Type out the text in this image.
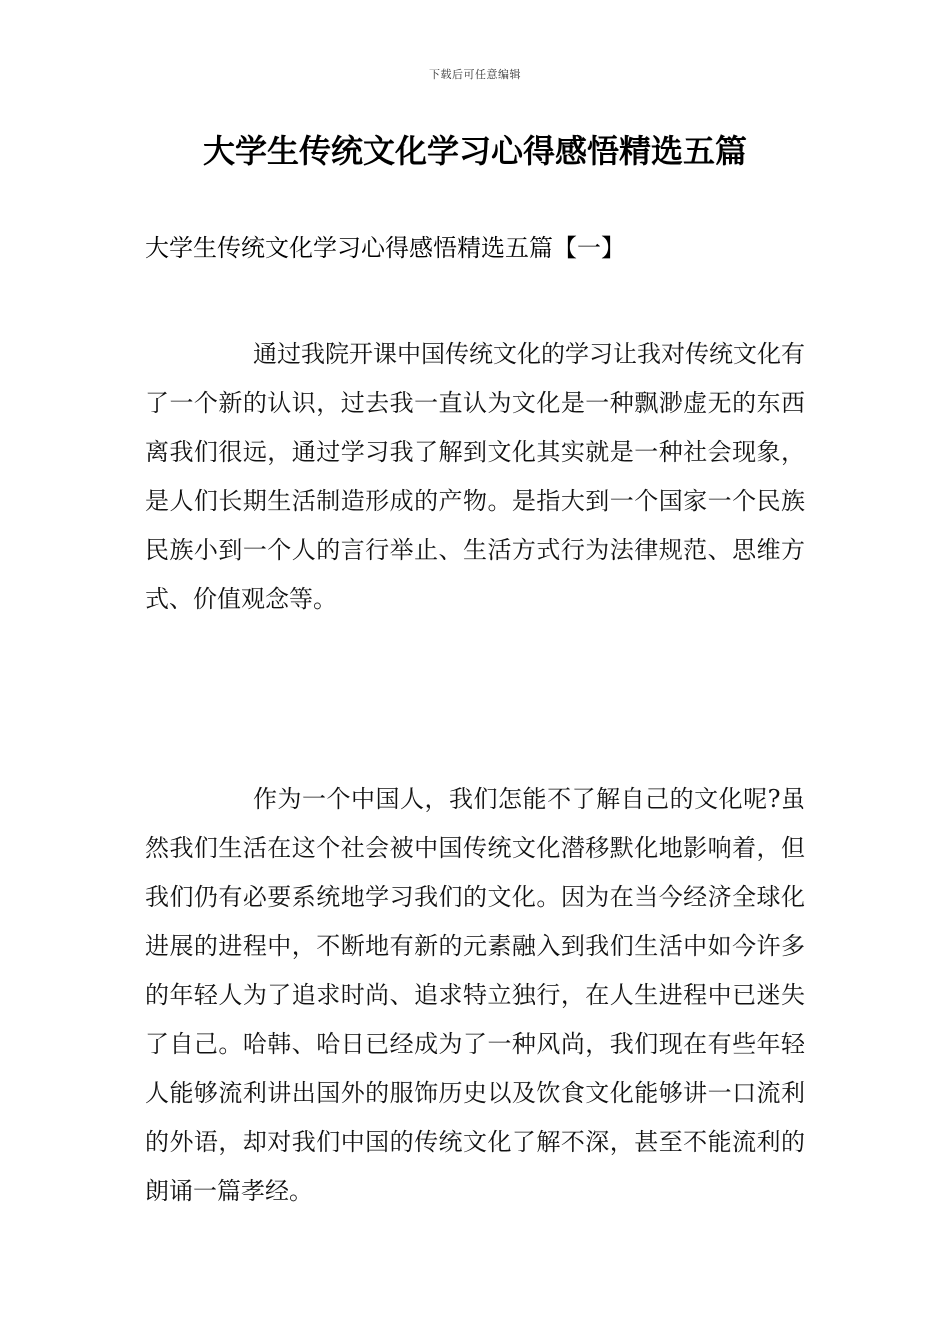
下载后可任意编辑
大学生传统文化学习心得感悟精选五篇
大学生传统文化学习心得感悟精选五篇【一】

通过我院开课中国传统文化的学习让我对传统文化有了一个新的认识，过去我一直认为文化是一种飘渺虚无的东西离我们很远，通过学习我了解到文化其实就是一种社会现象，是人们长期生活制造形成的产物。是指大到一个国家一个民族民族小到一个人的言行举止、生活方式行为法律规范、思维方式、价值观念等。

作为一个中国人，我们怎能不了解自己的文化呢?虽然我们生活在这个社会被中国传统文化潜移默化地影响着，但我们仍有必要系统地学习我们的文化。因为在当今经济全球化进展的进程中，不断地有新的元素融入到我们生活中如今许多的年轻人为了追求时尚、追求特立独行，在人生进程中已迷失了自己。哈韩、哈日已经成为了一种风尚，我们现在有些年轻人能够流利讲出国外的服饰历史以及饮食文化能够讲一口流利的外语，却对我们中国的传统文化了解不深，甚至不能流利的朗诵一篇孝经。
